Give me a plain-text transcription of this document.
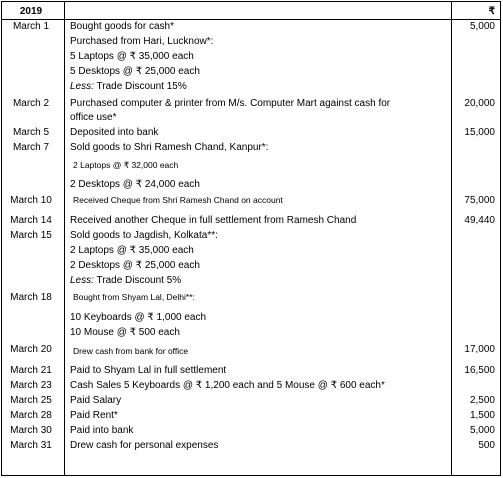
2019	₹
March 1	Bought goods for cash*	5,000
Purchased from Hari, Lucknow*:
5 Laptops @ ₹ 35,000 each
5 Desktops @ ₹ 25,000 each
Less: Trade Discount 15%
March 2	Purchased computer & printer from M/s. Computer Mart against cash for	20,000
office use*
March 5	Deposited into bank	15,000
March 7	Sold goods to Shri Ramesh Chand, Kanpur*:
2 Laptops @ ₹ 32,000 each
2 Desktops @ ₹ 24,000 each
March 10	Received Cheque from Shri Ramesh Chand on account	75,000
March 14	Received another Cheque in full settlement from Ramesh Chand	49,440
March 15	Sold goods to Jagdish, Kolkata**:
2 Laptops @ ₹ 35,000 each
2 Desktops @ ₹ 25,000 each
Less: Trade Discount 5%
March 18	Bought from Shyam Lal, Delhi**:
10 Keyboards @ ₹ 1,000 each
10 Mouse @ ₹ 500 each
March 20	Drew cash from bank for office	17,000
March 21	Paid to Shyam Lal in full settlement	16,500
March 23	Cash Sales 5 Keyboards @ ₹ 1,200 each and 5 Mouse @ ₹ 600 each*
March 25	Paid Salary	2,500
March 28	Paid Rent*	1,500
March 30	Paid into bank	5,000
March 31	Drew cash for personal expenses	500
